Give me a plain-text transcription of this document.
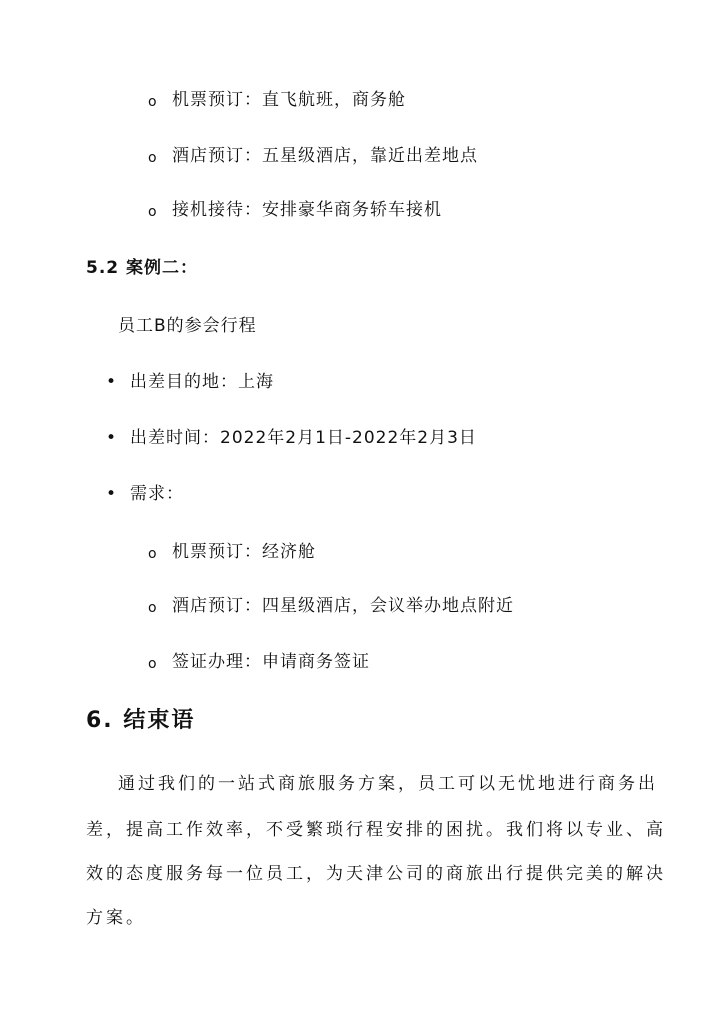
o 机票预订：直飞航班，商务舱
o 酒店预订：五星级酒店，靠近出差地点
o 接机接待：安排豪华商务轿车接机
5.2 案例二：
员工B的参会行程
• 出差目的地：上海
• 出差时间：2022年2月1日-2022年2月3日
• 需求：
o 机票预订：经济舱
o 酒店预订：四星级酒店，会议举办地点附近
o 签证办理：申请商务签证
6. 结束语
通过我们的一站式商旅服务方案，员工可以无忧地进行商务出
差，提高工作效率，不受繁琐行程安排的困扰。我们将以专业、高
效的态度服务每一位员工，为天津公司的商旅出行提供完美的解决
方案。
